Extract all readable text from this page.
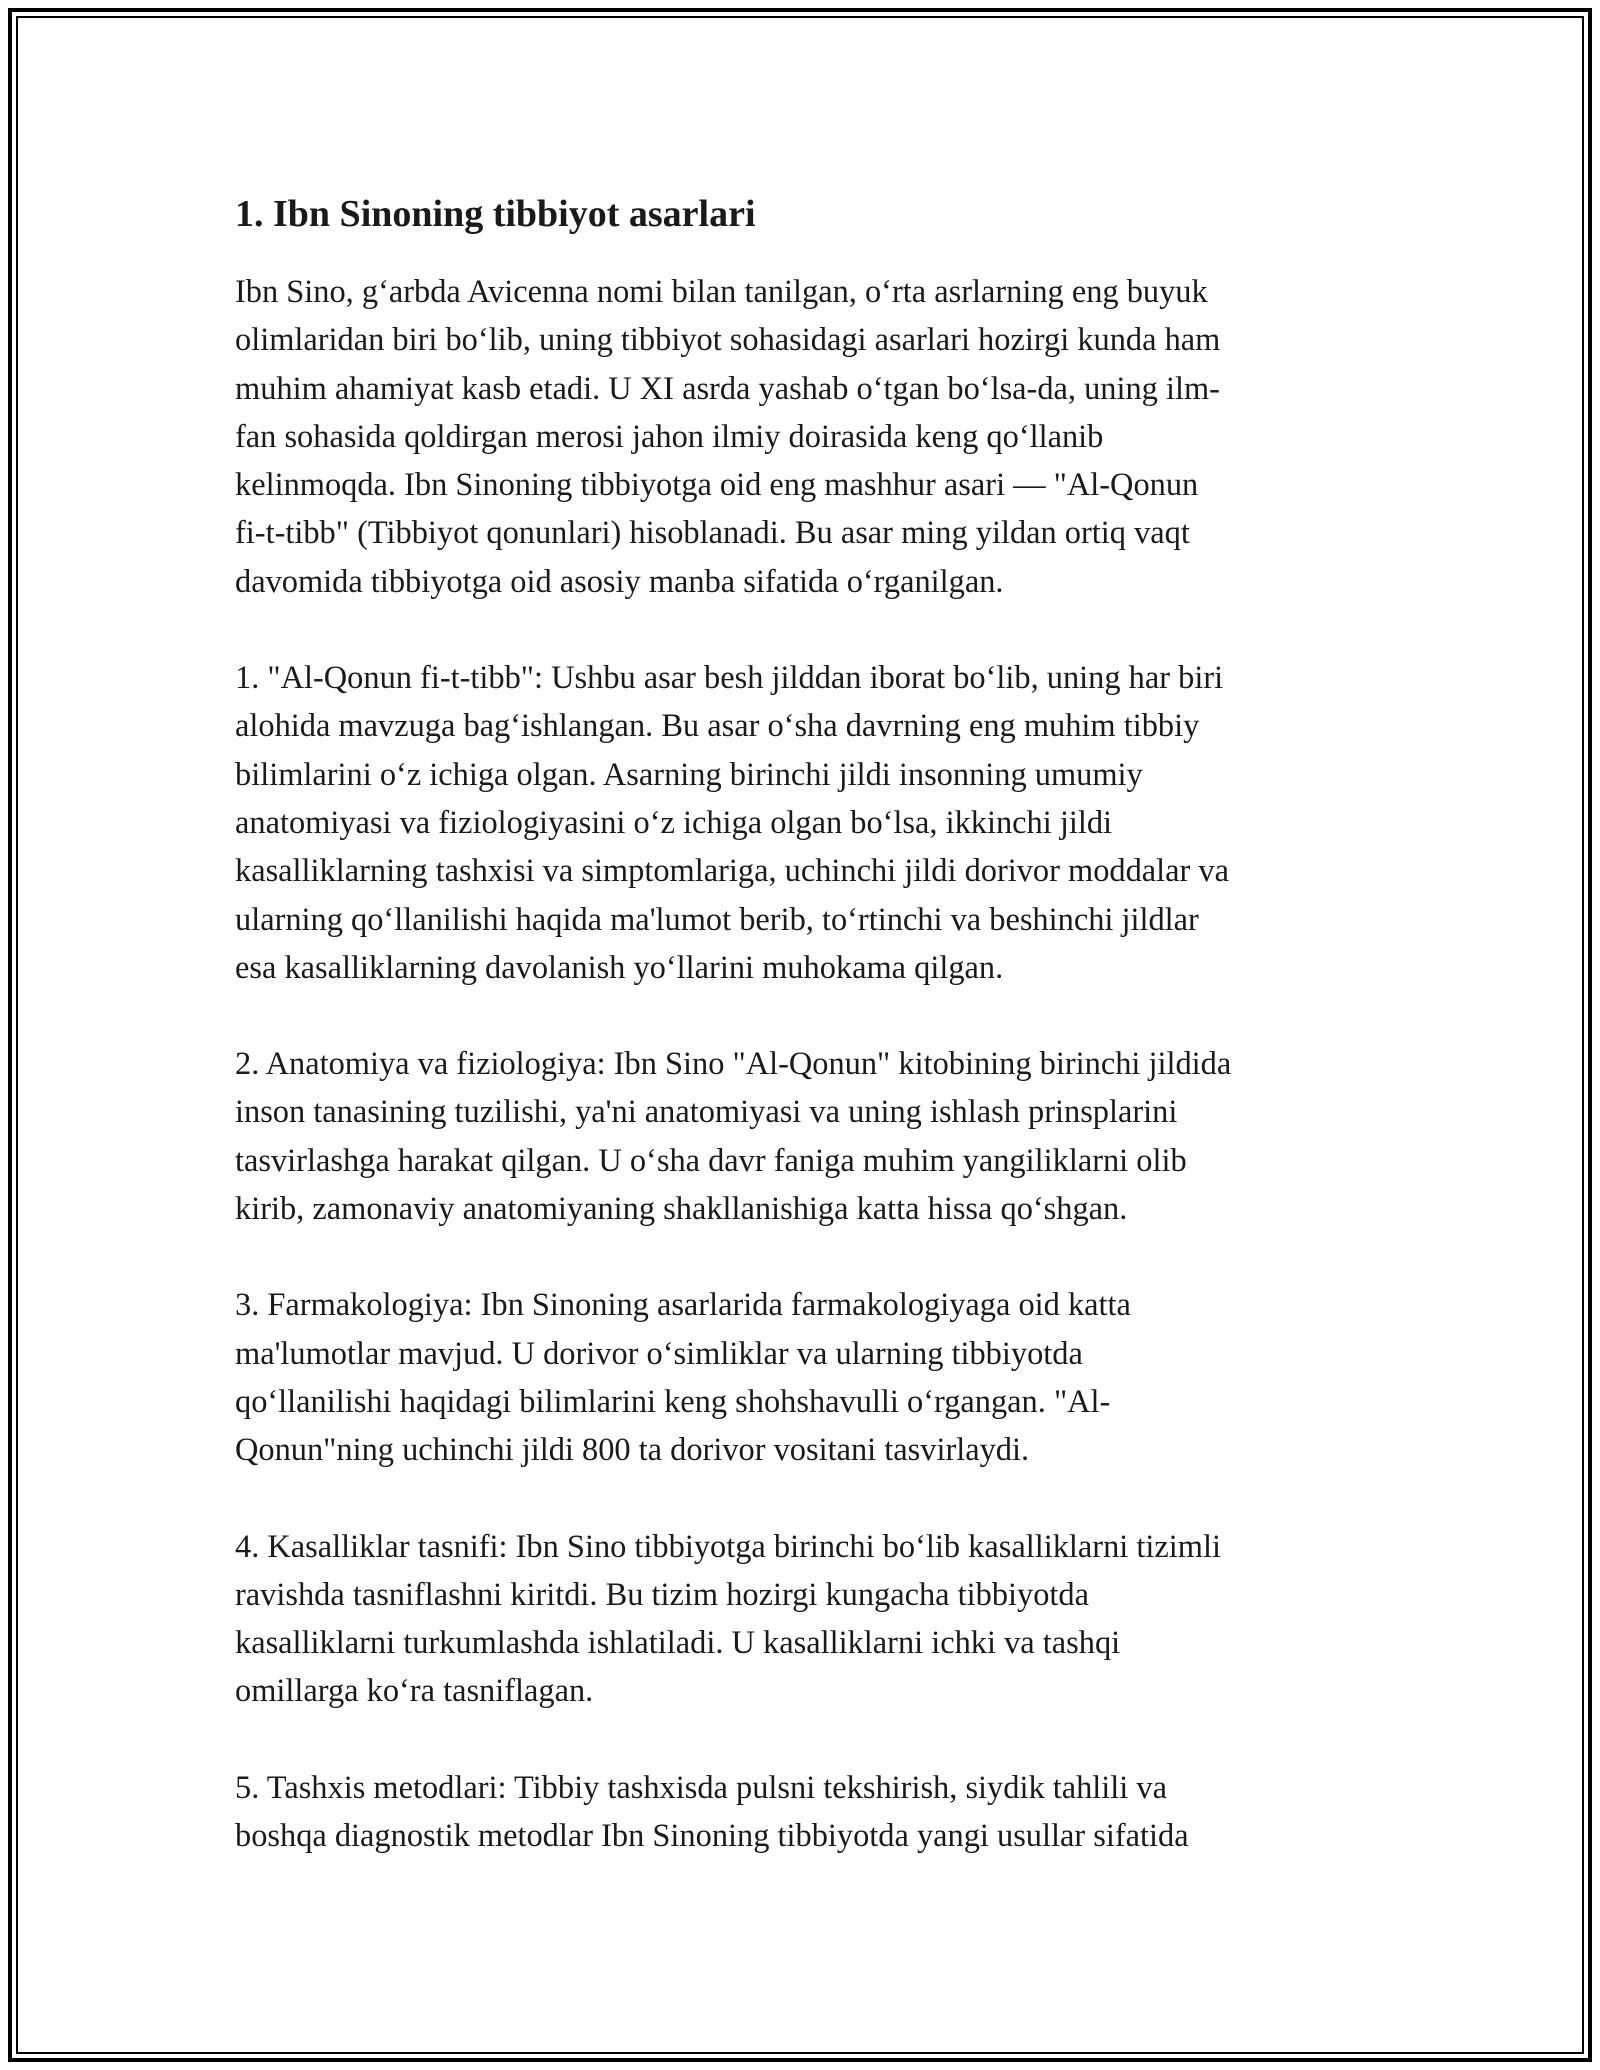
1. Ibn Sinoning tibbiyot asarlari

Ibn Sino, g‘arbda Avicenna nomi bilan tanilgan, o‘rta asrlarning eng buyuk
olimlaridan biri bo‘lib, uning tibbiyot sohasidagi asarlari hozirgi kunda ham
muhim ahamiyat kasb etadi. U XI asrda yashab o‘tgan bo‘lsa-da, uning ilm-
fan sohasida qoldirgan merosi jahon ilmiy doirasida keng qo‘llanib
kelinmoqda. Ibn Sinoning tibbiyotga oid eng mashhur asari — "Al-Qonun
fi-t-tibb" (Tibbiyot qonunlari) hisoblanadi. Bu asar ming yildan ortiq vaqt
davomida tibbiyotga oid asosiy manba sifatida o‘rganilgan.

1. "Al-Qonun fi-t-tibb": Ushbu asar besh jilddan iborat bo‘lib, uning har biri
alohida mavzuga bag‘ishlangan. Bu asar o‘sha davrning eng muhim tibbiy
bilimlarini o‘z ichiga olgan. Asarning birinchi jildi insonning umumiy
anatomiyasi va fiziologiyasini o‘z ichiga olgan bo‘lsa, ikkinchi jildi
kasalliklarning tashxisi va simptomlariga, uchinchi jildi dorivor moddalar va
ularning qo‘llanilishi haqida ma'lumot berib, to‘rtinchi va beshinchi jildlar
esa kasalliklarning davolanish yo‘llarini muhokama qilgan.

2. Anatomiya va fiziologiya: Ibn Sino "Al-Qonun" kitobining birinchi jildida
inson tanasining tuzilishi, ya'ni anatomiyasi va uning ishlash prinsplarini
tasvirlashga harakat qilgan. U o‘sha davr faniga muhim yangiliklarni olib
kirib, zamonaviy anatomiyaning shakllanishiga katta hissa qo‘shgan.

3. Farmakologiya: Ibn Sinoning asarlarida farmakologiyaga oid katta
ma'lumotlar mavjud. U dorivor o‘simliklar va ularning tibbiyotda
qo‘llanilishi haqidagi bilimlarini keng shohshavulli o‘rgangan. "Al-
Qonun"ning uchinchi jildi 800 ta dorivor vositani tasvirlaydi.

4. Kasalliklar tasnifi: Ibn Sino tibbiyotga birinchi bo‘lib kasalliklarni tizimli
ravishda tasniflashni kiritdi. Bu tizim hozirgi kungacha tibbiyotda
kasalliklarni turkumlashda ishlatiladi. U kasalliklarni ichki va tashqi
omillarga ko‘ra tasniflagan.

5. Tashxis metodlari: Tibbiy tashxisda pulsni tekshirish, siydik tahlili va
boshqa diagnostik metodlar Ibn Sinoning tibbiyotda yangi usullar sifatida
